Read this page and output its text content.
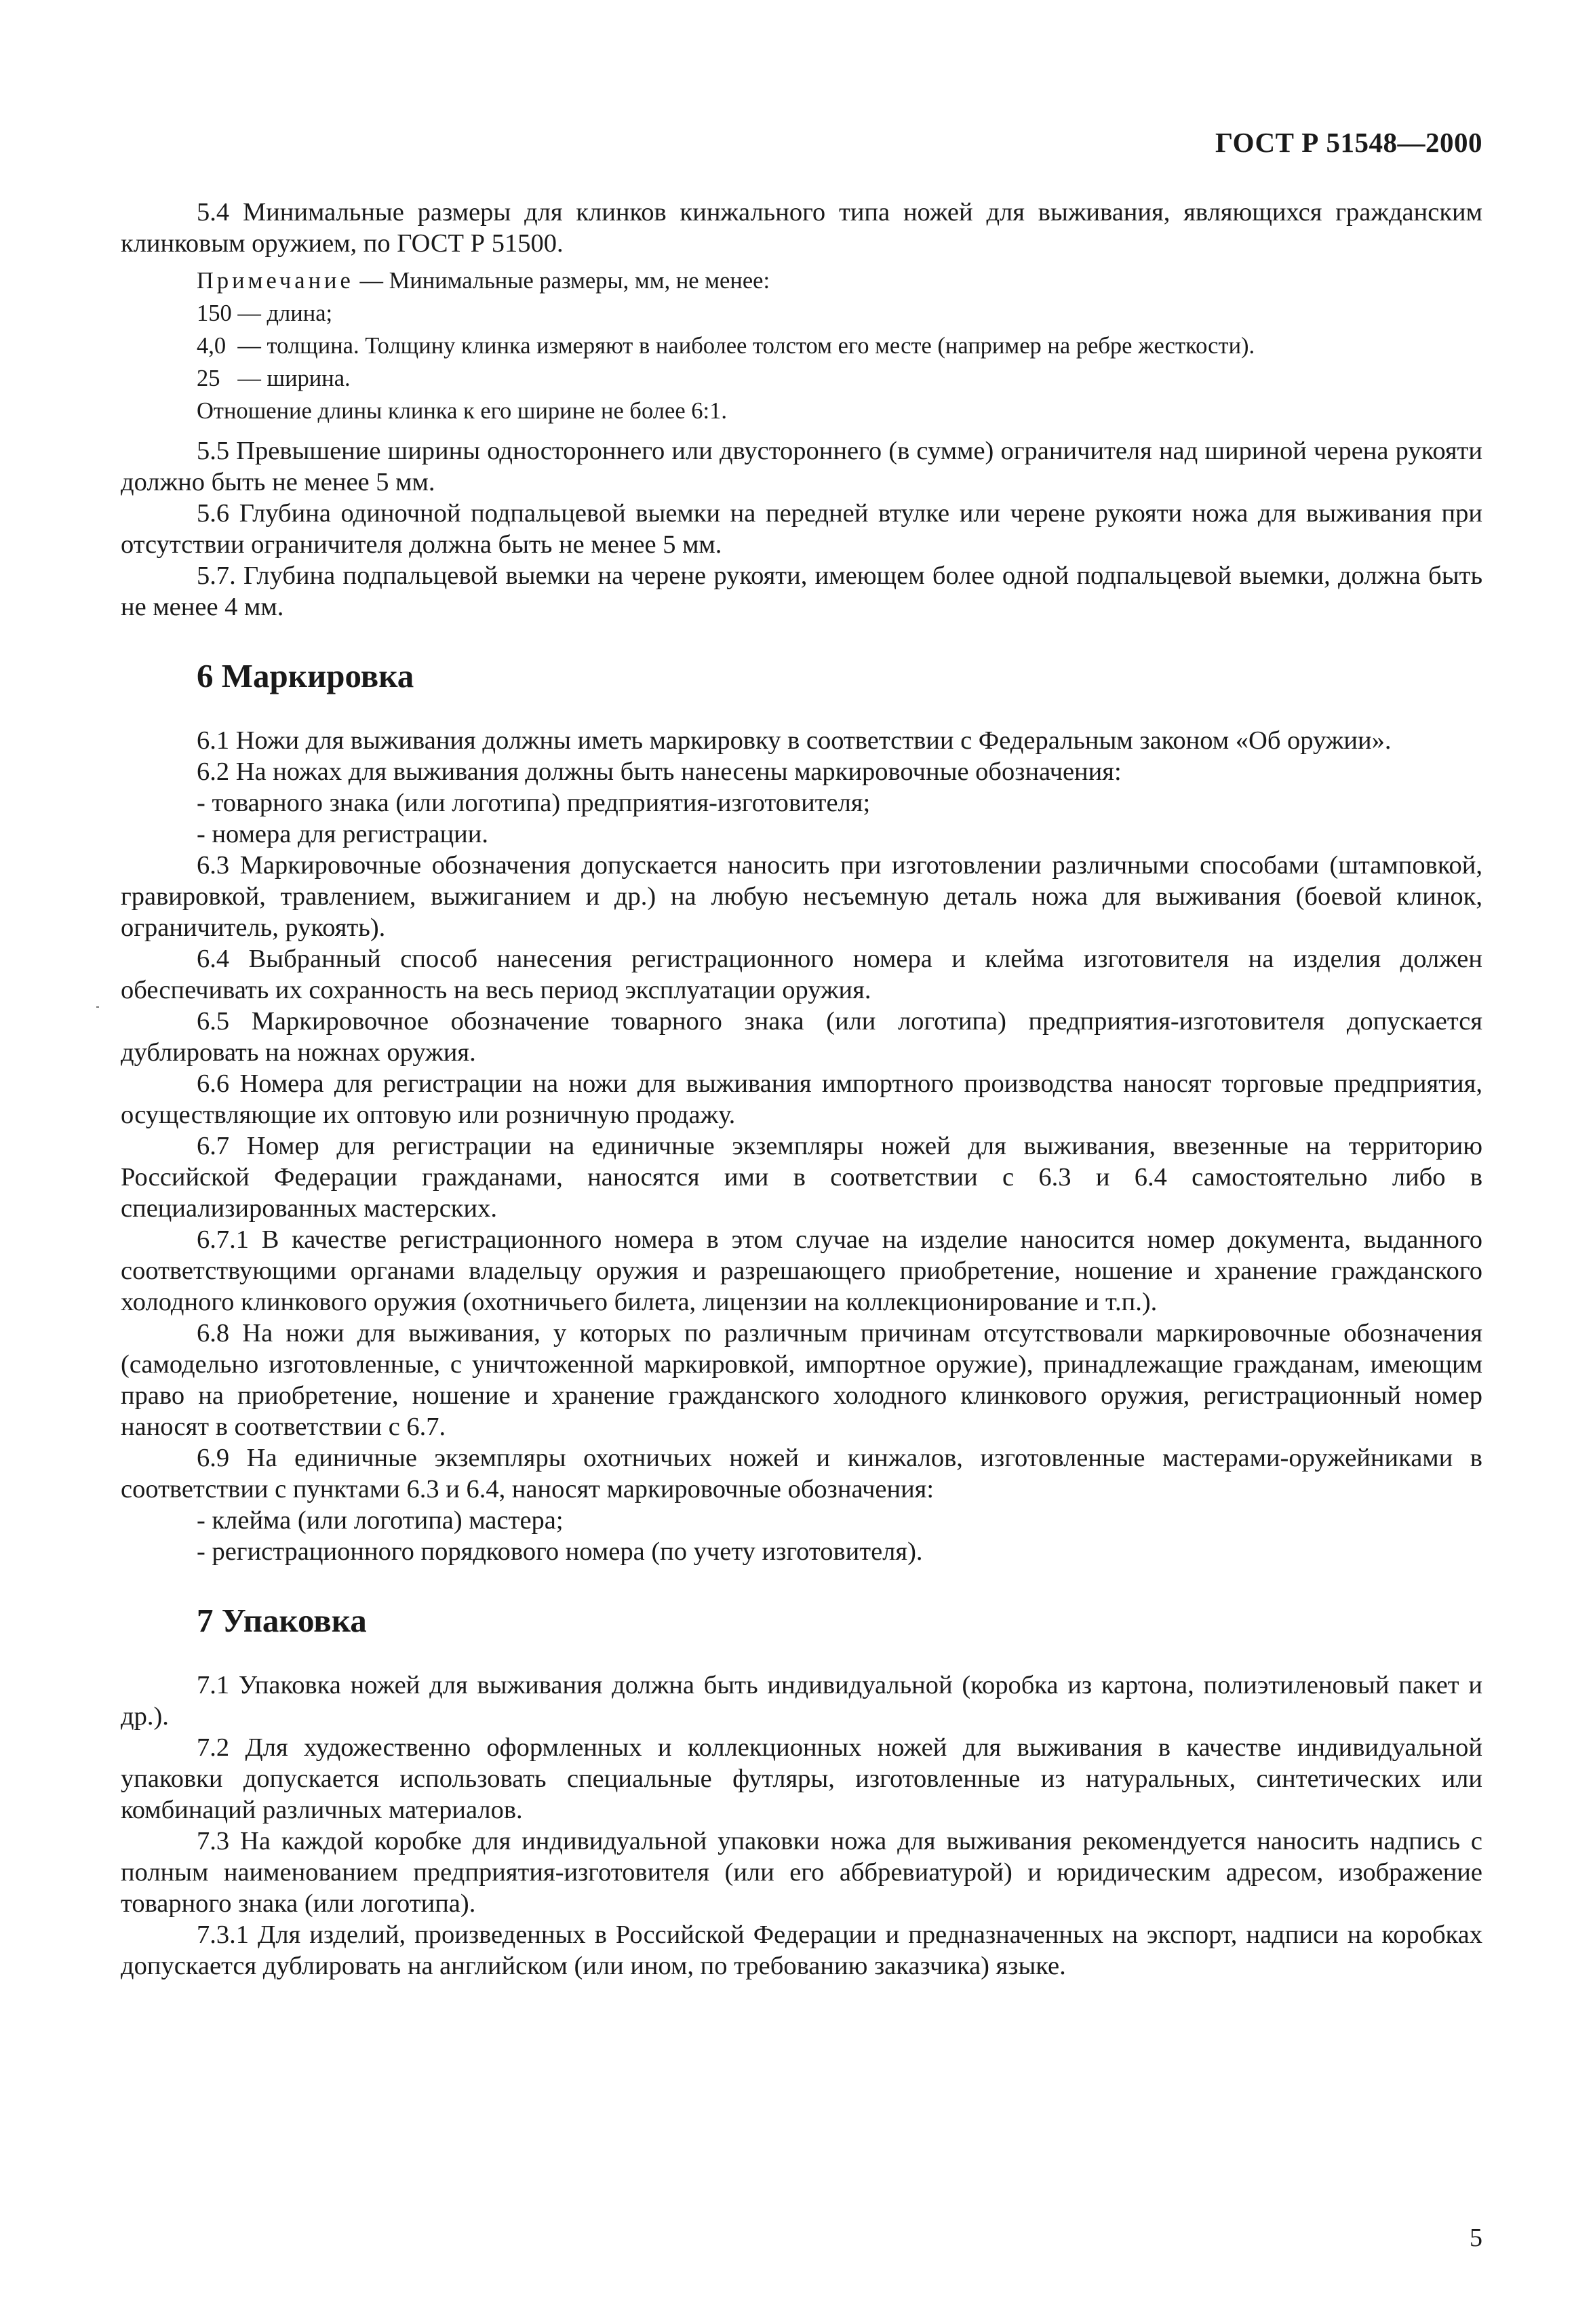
ГОСТ Р 51548—2000

5.4 Минимальные размеры для клинков кинжального типа ножей для выживания, являющихся гражданским клинковым оружием, по ГОСТ Р 51500.

Примечание — Минимальные размеры, мм, не менее:

150 — длина;

4,0  — толщина. Толщину клинка измеряют в наиболее толстом его месте (например на ребре жесткости).

25   — ширина.

Отношение длины клинка к его ширине не более 6:1.

5.5 Превышение ширины одностороннего или двустороннего (в сумме) ограничителя над шириной черена рукояти должно быть не менее 5 мм.

5.6 Глубина одиночной подпальцевой выемки на передней втулке или черене рукояти ножа для выживания при отсутствии ограничителя должна быть не менее 5 мм.

5.7. Глубина подпальцевой выемки на черене рукояти, имеющем более одной подпальцевой выемки, должна быть не менее 4 мм.

6 Маркировка

6.1 Ножи для выживания должны иметь маркировку в соответствии с Федеральным законом «Об оружии».

6.2 На ножах для выживания должны быть нанесены маркировочные обозначения:

- товарного знака (или логотипа) предприятия-изготовителя;

- номера для регистрации.

6.3 Маркировочные обозначения допускается наносить при изготовлении различными способами (штамповкой, гравировкой, травлением, выжиганием и др.) на любую несъемную деталь ножа для выживания (боевой клинок, ограничитель, рукоять).

6.4 Выбранный способ нанесения регистрационного номера и клейма изготовителя на изделия должен обеспечивать их сохранность на весь период эксплуатации оружия.

6.5 Маркировочное обозначение товарного знака (или логотипа) предприятия-изготовителя допускается дублировать на ножнах оружия.

6.6 Номера для регистрации на ножи для выживания импортного производства наносят торговые предприятия, осуществляющие их оптовую или розничную продажу.

6.7 Номер для регистрации на единичные экземпляры ножей для выживания, ввезенные на территорию Российской Федерации гражданами, наносятся ими в соответствии с 6.3 и 6.4 самостоятельно либо в специализированных мастерских.

6.7.1 В качестве регистрационного номера в этом случае на изделие наносится номер документа, выданного соответствующими органами владельцу оружия и разрешающего приобретение, ношение и хранение гражданского холодного клинкового оружия (охотничьего билета, лицензии на коллекционирование и т.п.).

6.8 На ножи для выживания, у которых по различным причинам отсутствовали маркировочные обозначения (самодельно изготовленные, с уничтоженной маркировкой, импортное оружие), принадлежащие гражданам, имеющим право на приобретение, ношение и хранение гражданского холодного клинкового оружия, регистрационный номер наносят в соответствии с 6.7.

6.9 На единичные экземпляры охотничьих ножей и кинжалов, изготовленные мастерами-оружейниками в соответствии с пунктами 6.3 и 6.4, наносят маркировочные обозначения:

- клейма (или логотипа) мастера;

- регистрационного порядкового номера (по учету изготовителя).

7 Упаковка

7.1 Упаковка ножей для выживания должна быть индивидуальной (коробка из картона, полиэтиленовый пакет и др.).

7.2 Для художественно оформленных и коллекционных ножей для выживания в качестве индивидуальной упаковки допускается использовать специальные футляры, изготовленные из натуральных, синтетических или комбинаций различных материалов.

7.3 На каждой коробке для индивидуальной упаковки ножа для выживания рекомендуется наносить надпись с полным наименованием предприятия-изготовителя (или его аббревиатурой) и юридическим адресом, изображение товарного знака (или логотипа).

7.3.1 Для изделий, произведенных в Российской Федерации и предназначенных на экспорт, надписи на коробках допускается дублировать на английском (или ином, по требованию заказчика) языке.

5
